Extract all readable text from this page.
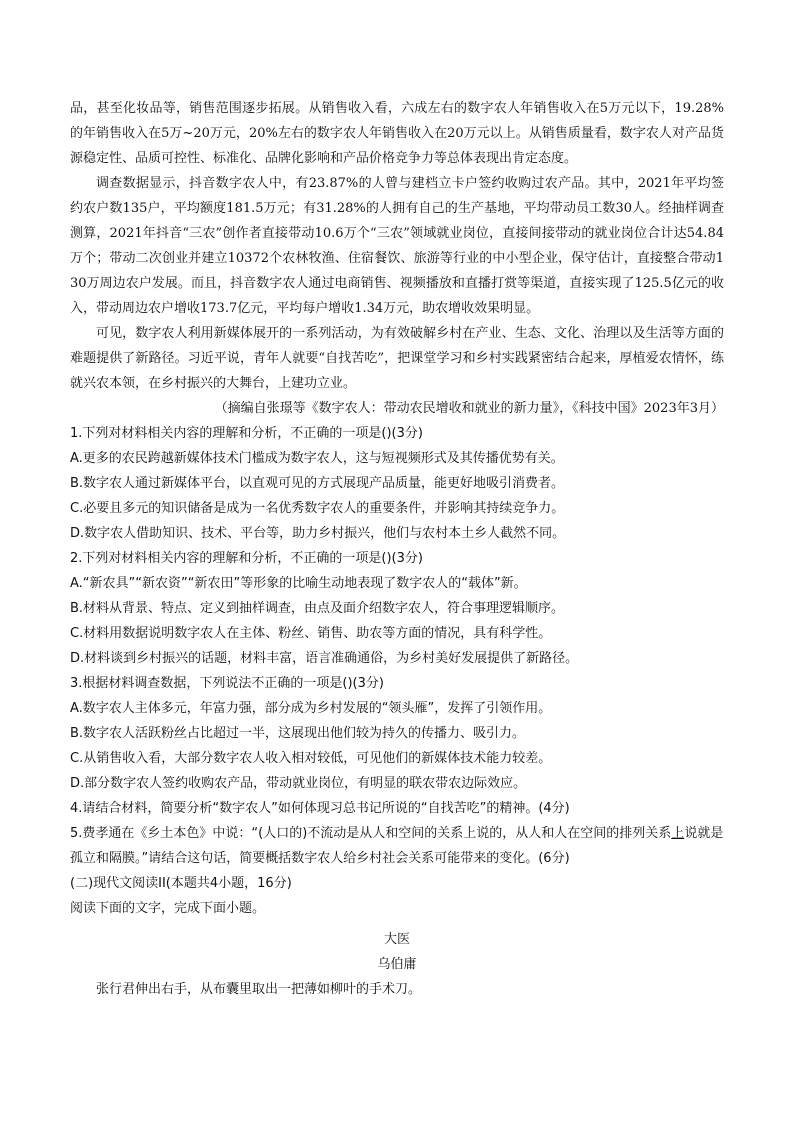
品，甚至化妆品等，销售范围逐步拓展。从销售收入看，六成左右的数字农人年销售收入在5万元以下，19.28%的年销售收入在5万~20万元，20%左右的数字农人年销售收入在20万元以上。从销售质量看，数字农人对产品货源稳定性、品质可控性、标准化、品牌化影响和产品价格竞争力等总体表现出肯定态度。

调查数据显示，抖音数字农人中，有23.87%的人曾与建档立卡户签约收购过农产品。其中，2021年平均签约农户数135户，平均额度181.5万元；有31.28%的人拥有自己的生产基地，平均带动员工数30人。经抽样调查测算，2021年抖音“三农”创作者直接带动10.6万个“三农”领域就业岗位，直接间接带动的就业岗位合计达54.84万个；带动二次创业并建立10372个农林牧渔、住宿餐饮、旅游等行业的中小型企业，保守估计，直接整合带动130万周边农户发展。而且，抖音数字农人通过电商销售、视频播放和直播打赏等渠道，直接实现了125.5亿元的收入，带动周边农户增收173.7亿元，平均每户增收1.34万元，助农增收效果明显。

可见，数字农人利用新媒体展开的一系列活动，为有效破解乡村在产业、生态、文化、治理以及生活等方面的难题提供了新路径。习近平说，青年人就要“自找苦吃”，把课堂学习和乡村实践紧密结合起来，厚植爱农情怀，练就兴农本领，在乡村振兴的大舞台，上建功立业。

（摘编自张璟等《数字农人：带动农民增收和就业的新力量》，《科技中国》2023年3月）

1.下列对材料相关内容的理解和分析，不正确的一项是()(3分)

A.更多的农民跨越新媒体技术门槛成为数字农人，这与短视频形式及其传播优势有关。

B.数字农人通过新媒体平台，以直观可见的方式展现产品质量，能更好地吸引消费者。

C.必要且多元的知识储备是成为一名优秀数字农人的重要条件，并影响其持续竞争力。

D.数字农人借助知识、技术、平台等，助力乡村振兴，他们与农村本土乡人截然不同。

2.下列对材料相关内容的理解和分析，不正确的一项是()(3分)

A.“新农具”“新农资”“新农田”等形象的比喻生动地表现了数字农人的“载体”新。

B.材料从背景、特点、定义到抽样调查，由点及面介绍数字农人，符合事理逻辑顺序。

C.材料用数据说明数字农人在主体、粉丝、销售、助农等方面的情况，具有科学性。

D.材料谈到乡村振兴的话题，材料丰富，语言准确通俗，为乡村美好发展提供了新路径。

3.根据材料调查数据，下列说法不正确的一项是()(3分)

A.数字农人主体多元，年富力强，部分成为乡村发展的“领头雁”，发挥了引领作用。

B.数字农人活跃粉丝占比超过一半，这展现出他们较为持久的传播力、吸引力。

C.从销售收入看，大部分数字农人收入相对较低，可见他们的新媒体技术能力较差。

D.部分数字农人签约收购农产品，带动就业岗位，有明显的联农带农边际效应。

4.请结合材料，简要分析“数字农人”如何体现习总书记所说的“自找苦吃”的精神。(4分)

5.费孝通在《乡土本色》中说：“(人口的)不流动是从人和空间的关系上说的，从人和人在空间的排列关系上说就是孤立和隔膜。”请结合这句话，简要概括数字农人给乡村社会关系可能带来的变化。(6分)

(二)现代文阅读II(本题共4小题，16分)

阅读下面的文字，完成下面小题。

大医

乌伯庸

张行君伸出右手，从布囊里取出一把薄如柳叶的手术刀。
